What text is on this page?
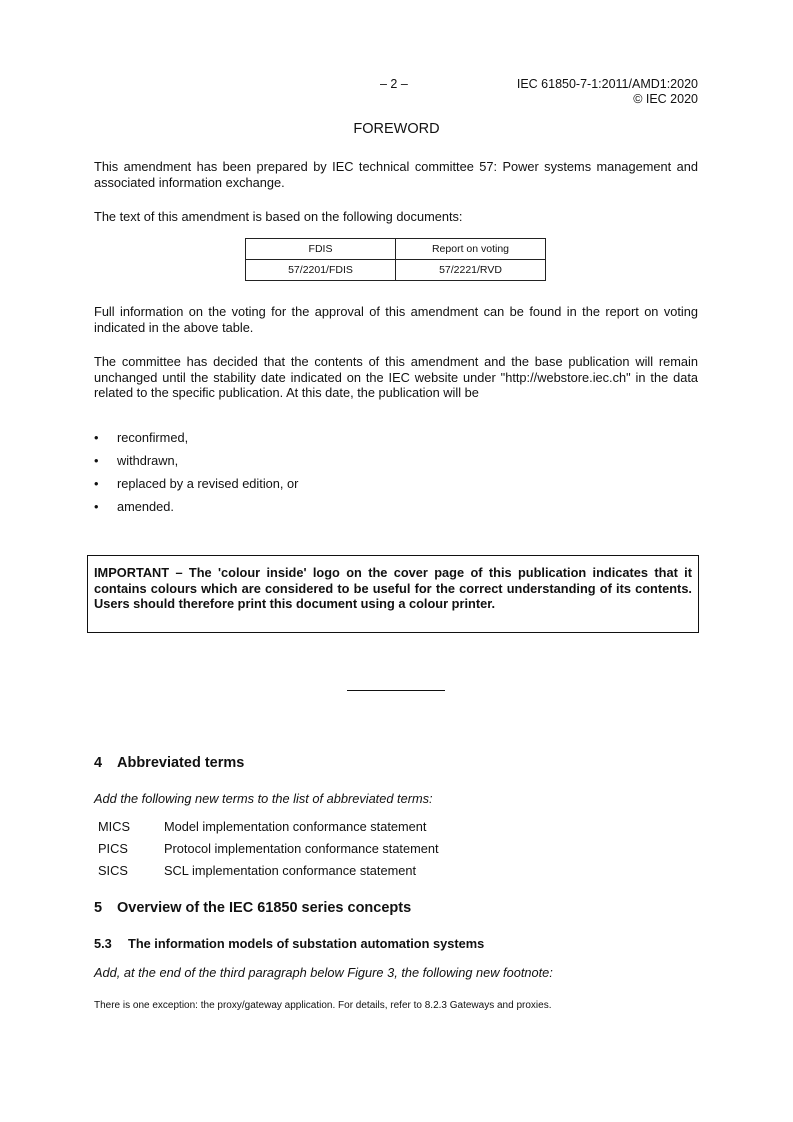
– 2 –	IEC 61850-7-1:2011/AMD1:2020
© IEC 2020
FOREWORD

This amendment has been prepared by IEC technical committee 57: Power systems management and associated information exchange.

The text of this amendment is based on the following documents:

FDIS	Report on voting
57/2201/FDIS	57/2221/RVD

Full information on the voting for the approval of this amendment can be found in the report on voting indicated in the above table.

The committee has decided that the contents of this amendment and the base publication will remain unchanged until the stability date indicated on the IEC website under "http://webstore.iec.ch" in the data related to the specific publication. At this date, the publication will be

• reconfirmed,
• withdrawn,
• replaced by a revised edition, or
• amended.

IMPORTANT – The 'colour inside' logo on the cover page of this publication indicates that it contains colours which are considered to be useful for the correct understanding of its contents. Users should therefore print this document using a colour printer.

4 Abbreviated terms

Add the following new terms to the list of abbreviated terms:

MICS	Model implementation conformance statement
PICS	Protocol implementation conformance statement
SICS	SCL implementation conformance statement
5 Overview of the IEC 61850 series concepts
5.3 The information models of substation automation systems

Add, at the end of the third paragraph below Figure 3, the following new footnote:

There is one exception: the proxy/gateway application. For details, refer to 8.2.3 Gateways and proxies.
